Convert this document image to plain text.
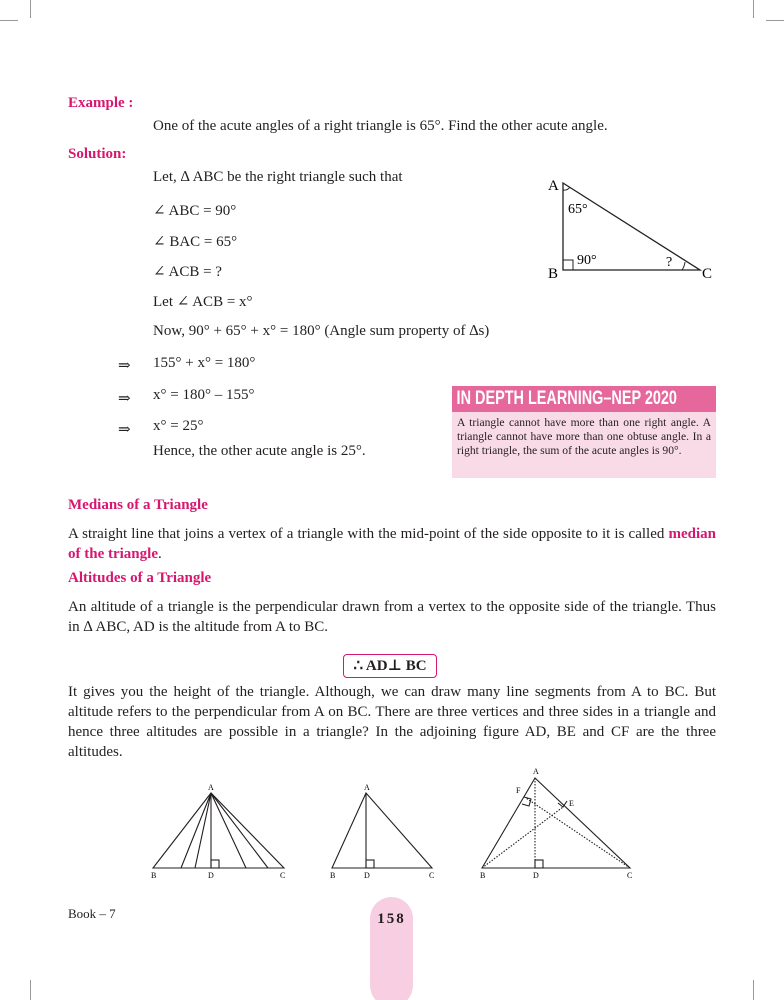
Example :
One of the acute angles of a right triangle is 65°. Find the other acute angle.
Solution:
Let, ∆ ABC be the right triangle such that
∠ ABC = 90°
∠ BAC = 65°
∠ ACB = ?
Let ∠ ACB = x°
Now, 90° + 65° + x° = 180° (Angle sum property of ∆s)
⇒ 155° + x° = 180°
⇒ x° = 180° – 155°
⇒ x° = 25°
Hence, the other acute angle is 25°.
A
B	C
65°
90°	?
IN DEPTH LEARNING–NEP 2020
A triangle cannot have more than one right angle. A triangle cannot have more than one obtuse angle. In a right triangle, the sum of the acute angles is 90°.
Medians of a Triangle
A straight line that joins a vertex of a triangle with the mid-point of the side opposite to it is called median of the triangle.
Altitudes of a Triangle
An altitude of a triangle is the perpendicular drawn from a vertex to the opposite side of the triangle. Thus in ∆ ABC, AD is the altitude from A to BC.
∴ AD⊥ BC
It gives you the height of the triangle. Although, we can draw many line segments from A to BC. But altitude refers to the perpendicular from A on BC. There are three vertices and three sides in a triangle and hence three altitudes are possible in a triangle? In the adjoining figure AD, BE and CF are the three altitudes.
B	D	C
A
B	D	C
A
B	D	C
A
F
E
Book – 7	158
